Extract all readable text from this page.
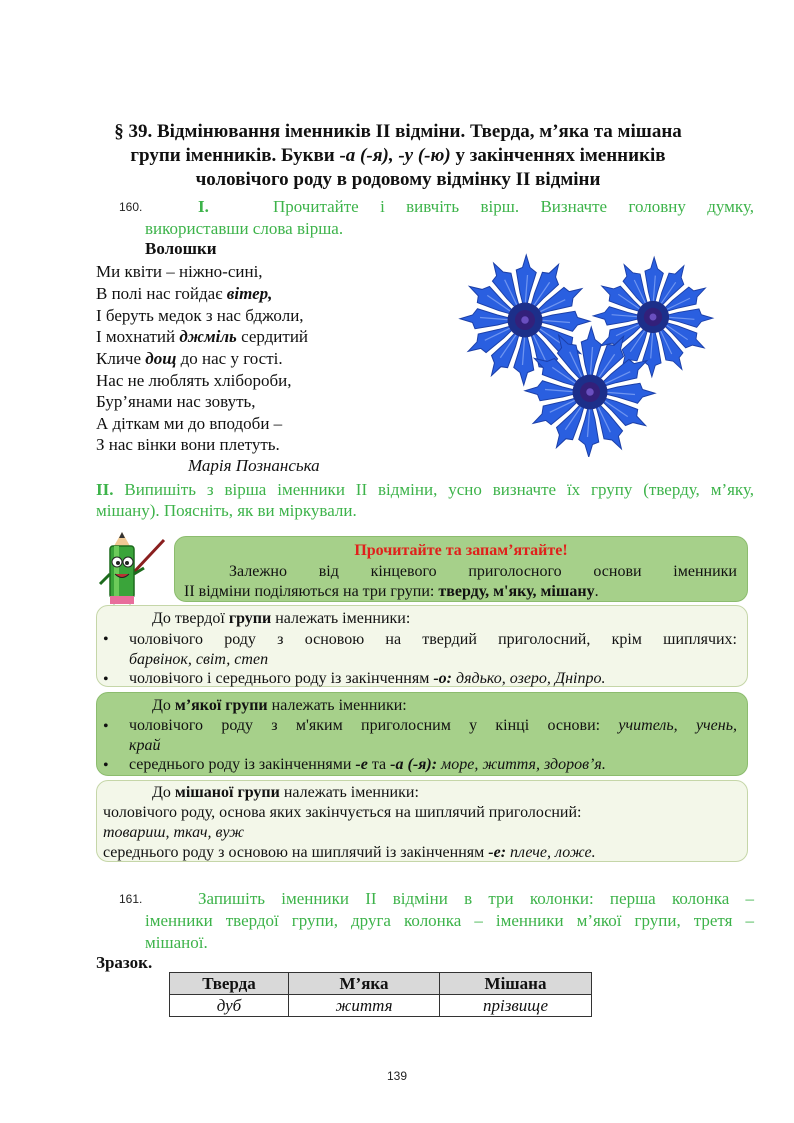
§ 39. Відмінювання іменників ІІ відміни. Тверда, м’яка та мішана
групи іменників. Букви -а (-я), -у (-ю) у закінченнях іменників
чоловічого роду в родовому відмінку ІІ відміни
160.	І.	Прочитайте і вивчіть вірш. Визначте головну думку,
використавши слова вірша.
Волошки
Ми квіти – ніжно-сині,
В полі нас гойдає вітер,
І беруть медок з нас бджоли,
І мохнатий джміль сердитий
Кличе дощ до нас у гості.
Нас не люблять хлібороби,
Бур’янами нас зовуть,
А діткам ми до вподоби –
З нас вінки вони плетуть.
Марія Познанська
ІІ. Випишіть з вірша іменники ІІ відміни, усно визначте їх групу (тверду, м’яку,
мішану). Поясніть, як ви міркували.
Прочитайте та запам’ятайте!
Залежно від кінцевого приголосного основи іменники
ІІ відміни поділяються на три групи: тверду, м'яку, мішану.
До твердої групи належать іменники:
• чоловічого роду з основою на твердий приголосний, крім шиплячих:
барвінок, світ, степ
• чоловічого і середнього роду із закінченням -о: дядько, озеро, Дніпро.
До м’якої групи належать іменники:
• чоловічого роду з м'яким приголосним у кінці основи: учитель, учень,
край
• середнього роду із закінченнями -е та -а (-я): море, життя, здоров’я.
До мішаної групи належать іменники:
чоловічого роду, основа яких закінчується на шиплячий приголосний:
товариш, ткач, вуж
середнього роду з основою на шиплячий із закінченням -е: плече, ложе.
161.	Запишіть іменники ІІ відміни в три колонки: перша колонка –
іменники твердої групи, друга колонка – іменники м’якої групи, третя –
мішаної.
Зразок.
Тверда	М’яка	Мішана
дуб	життя	прізвище
139
